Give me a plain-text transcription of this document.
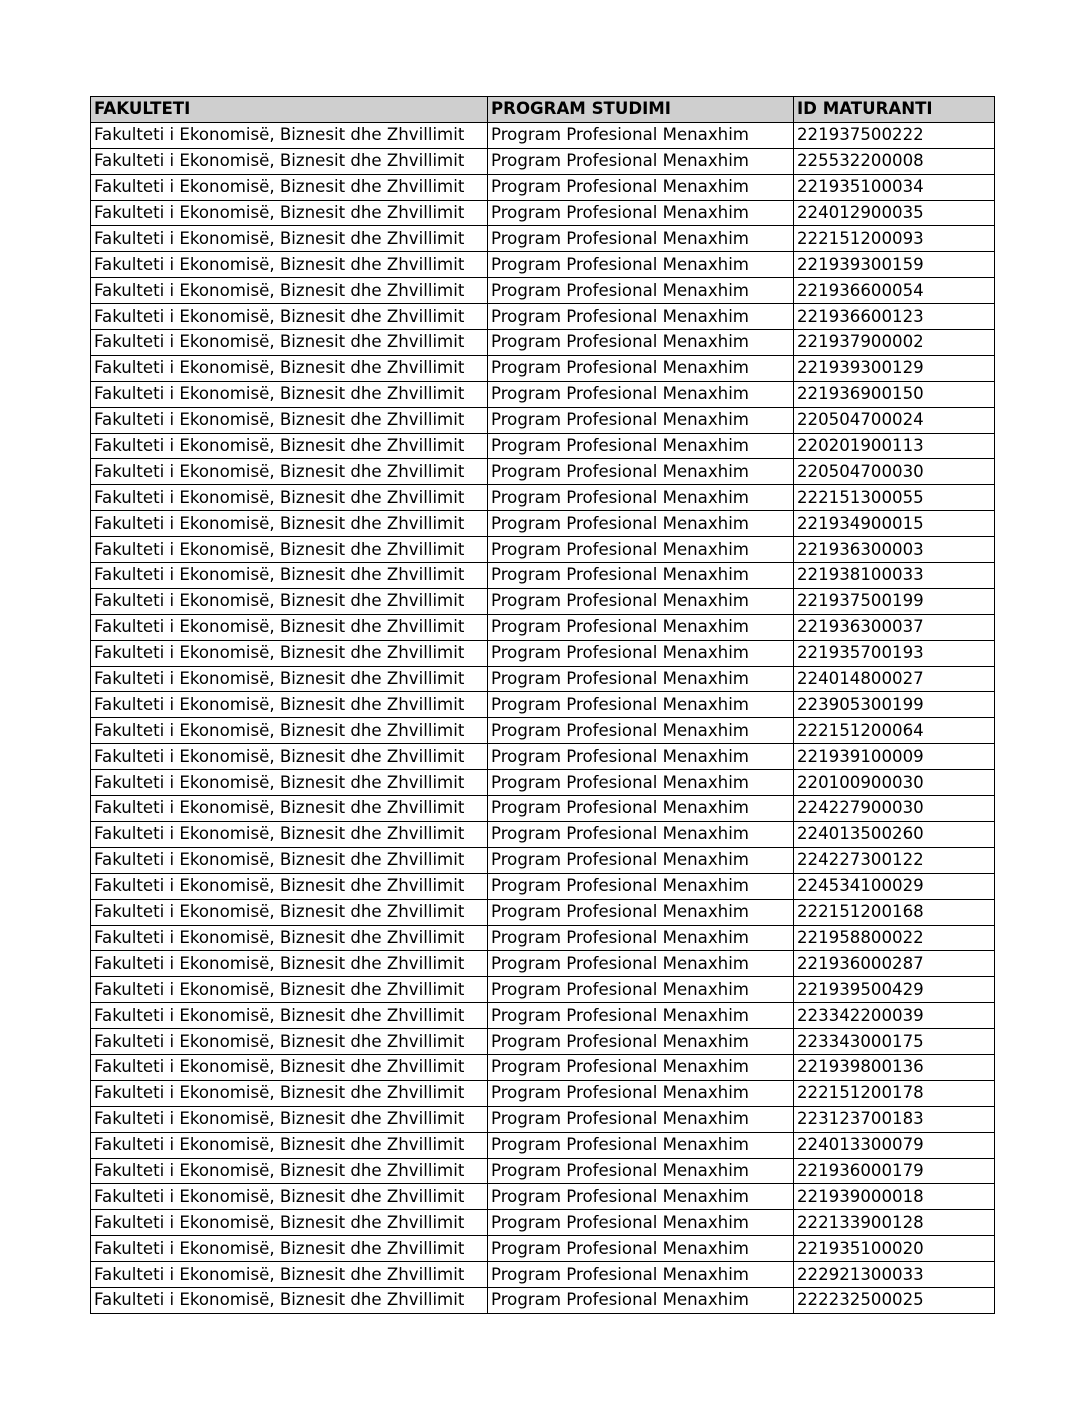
FAKULTETI	PROGRAM STUDIMI	ID MATURANTI
Fakulteti i Ekonomisë, Biznesit dhe Zhvillimit	Program Profesional Menaxhim	221937500222
Fakulteti i Ekonomisë, Biznesit dhe Zhvillimit	Program Profesional Menaxhim	225532200008
Fakulteti i Ekonomisë, Biznesit dhe Zhvillimit	Program Profesional Menaxhim	221935100034
Fakulteti i Ekonomisë, Biznesit dhe Zhvillimit	Program Profesional Menaxhim	224012900035
Fakulteti i Ekonomisë, Biznesit dhe Zhvillimit	Program Profesional Menaxhim	222151200093
Fakulteti i Ekonomisë, Biznesit dhe Zhvillimit	Program Profesional Menaxhim	221939300159
Fakulteti i Ekonomisë, Biznesit dhe Zhvillimit	Program Profesional Menaxhim	221936600054
Fakulteti i Ekonomisë, Biznesit dhe Zhvillimit	Program Profesional Menaxhim	221936600123
Fakulteti i Ekonomisë, Biznesit dhe Zhvillimit	Program Profesional Menaxhim	221937900002
Fakulteti i Ekonomisë, Biznesit dhe Zhvillimit	Program Profesional Menaxhim	221939300129
Fakulteti i Ekonomisë, Biznesit dhe Zhvillimit	Program Profesional Menaxhim	221936900150
Fakulteti i Ekonomisë, Biznesit dhe Zhvillimit	Program Profesional Menaxhim	220504700024
Fakulteti i Ekonomisë, Biznesit dhe Zhvillimit	Program Profesional Menaxhim	220201900113
Fakulteti i Ekonomisë, Biznesit dhe Zhvillimit	Program Profesional Menaxhim	220504700030
Fakulteti i Ekonomisë, Biznesit dhe Zhvillimit	Program Profesional Menaxhim	222151300055
Fakulteti i Ekonomisë, Biznesit dhe Zhvillimit	Program Profesional Menaxhim	221934900015
Fakulteti i Ekonomisë, Biznesit dhe Zhvillimit	Program Profesional Menaxhim	221936300003
Fakulteti i Ekonomisë, Biznesit dhe Zhvillimit	Program Profesional Menaxhim	221938100033
Fakulteti i Ekonomisë, Biznesit dhe Zhvillimit	Program Profesional Menaxhim	221937500199
Fakulteti i Ekonomisë, Biznesit dhe Zhvillimit	Program Profesional Menaxhim	221936300037
Fakulteti i Ekonomisë, Biznesit dhe Zhvillimit	Program Profesional Menaxhim	221935700193
Fakulteti i Ekonomisë, Biznesit dhe Zhvillimit	Program Profesional Menaxhim	224014800027
Fakulteti i Ekonomisë, Biznesit dhe Zhvillimit	Program Profesional Menaxhim	223905300199
Fakulteti i Ekonomisë, Biznesit dhe Zhvillimit	Program Profesional Menaxhim	222151200064
Fakulteti i Ekonomisë, Biznesit dhe Zhvillimit	Program Profesional Menaxhim	221939100009
Fakulteti i Ekonomisë, Biznesit dhe Zhvillimit	Program Profesional Menaxhim	220100900030
Fakulteti i Ekonomisë, Biznesit dhe Zhvillimit	Program Profesional Menaxhim	224227900030
Fakulteti i Ekonomisë, Biznesit dhe Zhvillimit	Program Profesional Menaxhim	224013500260
Fakulteti i Ekonomisë, Biznesit dhe Zhvillimit	Program Profesional Menaxhim	224227300122
Fakulteti i Ekonomisë, Biznesit dhe Zhvillimit	Program Profesional Menaxhim	224534100029
Fakulteti i Ekonomisë, Biznesit dhe Zhvillimit	Program Profesional Menaxhim	222151200168
Fakulteti i Ekonomisë, Biznesit dhe Zhvillimit	Program Profesional Menaxhim	221958800022
Fakulteti i Ekonomisë, Biznesit dhe Zhvillimit	Program Profesional Menaxhim	221936000287
Fakulteti i Ekonomisë, Biznesit dhe Zhvillimit	Program Profesional Menaxhim	221939500429
Fakulteti i Ekonomisë, Biznesit dhe Zhvillimit	Program Profesional Menaxhim	223342200039
Fakulteti i Ekonomisë, Biznesit dhe Zhvillimit	Program Profesional Menaxhim	223343000175
Fakulteti i Ekonomisë, Biznesit dhe Zhvillimit	Program Profesional Menaxhim	221939800136
Fakulteti i Ekonomisë, Biznesit dhe Zhvillimit	Program Profesional Menaxhim	222151200178
Fakulteti i Ekonomisë, Biznesit dhe Zhvillimit	Program Profesional Menaxhim	223123700183
Fakulteti i Ekonomisë, Biznesit dhe Zhvillimit	Program Profesional Menaxhim	224013300079
Fakulteti i Ekonomisë, Biznesit dhe Zhvillimit	Program Profesional Menaxhim	221936000179
Fakulteti i Ekonomisë, Biznesit dhe Zhvillimit	Program Profesional Menaxhim	221939000018
Fakulteti i Ekonomisë, Biznesit dhe Zhvillimit	Program Profesional Menaxhim	222133900128
Fakulteti i Ekonomisë, Biznesit dhe Zhvillimit	Program Profesional Menaxhim	221935100020
Fakulteti i Ekonomisë, Biznesit dhe Zhvillimit	Program Profesional Menaxhim	222921300033
Fakulteti i Ekonomisë, Biznesit dhe Zhvillimit	Program Profesional Menaxhim	222232500025
